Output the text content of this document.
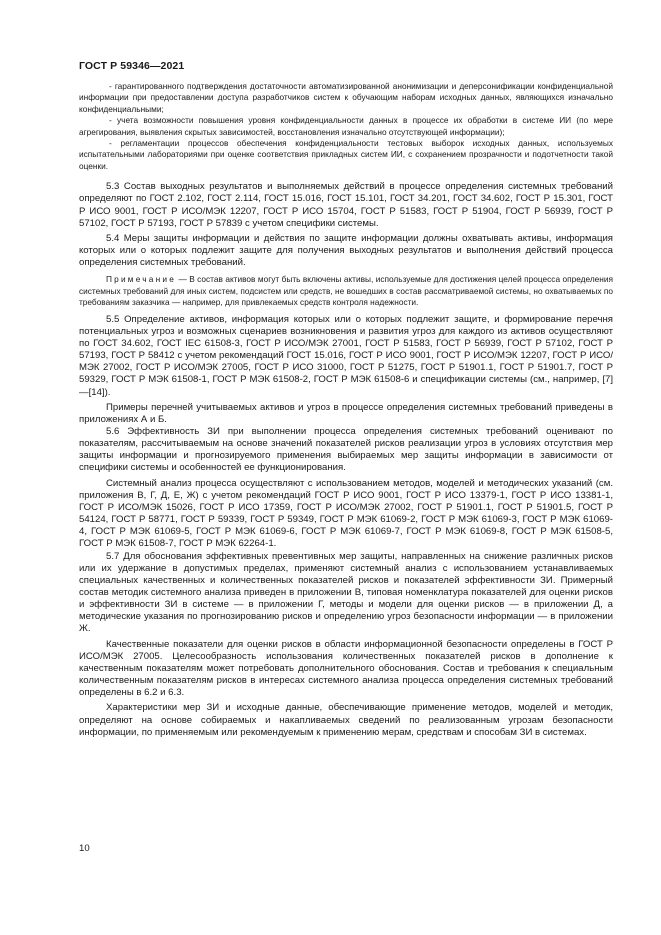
ГОСТ Р 59346—2021

- гарантированного подтверждения достаточности автоматизированной анонимизации и деперсонификации конфиденциальной информации при предоставлении доступа разработчиков систем к обучающим наборам исходных данных, являющихся изначально конфиденциальными;

- учета возможности повышения уровня конфиденциальности данных в процессе их обработки в системе ИИ (по мере агрегирования, выявления скрытых зависимостей, восстановления изначально отсутствующей информации);

- регламентации процессов обеспечения конфиденциальности тестовых выборок исходных данных, используемых испытательными лабораториями при оценке соответствия прикладных систем ИИ, с сохранением прозрачности и подотчетности такой оценки.

5.3 Состав выходных результатов и выполняемых действий в процессе определения системных требований определяют по ГОСТ 2.102, ГОСТ 2.114, ГОСТ 15.016, ГОСТ 15.101, ГОСТ 34.201, ГОСТ 34.602, ГОСТ Р 15.301, ГОСТ Р ИСО 9001, ГОСТ Р ИСО/МЭК 12207, ГОСТ Р ИСО 15704, ГОСТ Р 51583, ГОСТ Р 51904, ГОСТ Р 56939, ГОСТ Р 57102, ГОСТ Р 57193, ГОСТ Р 57839 с учетом специфики системы.

5.4 Меры защиты информации и действия по защите информации должны охватывать активы, информация которых или о которых подлежит защите для получения выходных результатов и выполнения действий процесса определения системных требований.

Примечание — В состав активов могут быть включены активы, используемые для достижения целей процесса определения системных требований для иных систем, подсистем или средств, не вошедших в состав рассматриваемой системы, но охватываемых по требованиям заказчика — например, для привлекаемых средств контроля надежности.

5.5 Определение активов, информация которых или о которых подлежит защите, и формирование перечня потенциальных угроз и возможных сценариев возникновения и развития угроз для каждого из активов осуществляют по ГОСТ 34.602, ГОСТ IEC 61508-3, ГОСТ Р ИСО/МЭК 27001, ГОСТ Р 51583, ГОСТ Р 56939, ГОСТ Р 57102, ГОСТ Р 57193, ГОСТ Р 58412 с учетом рекомендаций ГОСТ 15.016, ГОСТ Р ИСО 9001, ГОСТ Р ИСО/МЭК 12207, ГОСТ Р ИСО/МЭК 27002, ГОСТ Р ИСО/МЭК 27005, ГОСТ Р ИСО 31000, ГОСТ Р 51275, ГОСТ Р 51901.1, ГОСТ Р 51901.7, ГОСТ Р 59329, ГОСТ Р МЭК 61508-1, ГОСТ Р МЭК 61508-2, ГОСТ Р МЭК 61508-6 и спецификации системы (см., например, [7]—[14]).

Примеры перечней учитываемых активов и угроз в процессе определения системных требований приведены в приложениях А и Б.

5.6 Эффективность ЗИ при выполнении процесса определения системных требований оценивают по показателям, рассчитываемым на основе значений показателей рисков реализации угроз в условиях отсутствия мер защиты информации и прогнозируемого применения выбираемых мер защиты информации в зависимости от специфики системы и особенностей ее функционирования.

Системный анализ процесса осуществляют с использованием методов, моделей и методических указаний (см. приложения В, Г, Д, Е, Ж) с учетом рекомендаций ГОСТ Р ИСО 9001, ГОСТ Р ИСО 13379-1, ГОСТ Р ИСО 13381-1, ГОСТ Р ИСО/МЭК 15026, ГОСТ Р ИСО 17359, ГОСТ Р ИСО/МЭК 27002, ГОСТ Р 51901.1, ГОСТ Р 51901.5, ГОСТ Р 54124, ГОСТ Р 58771, ГОСТ Р 59339, ГОСТ Р 59349, ГОСТ Р МЭК 61069-2, ГОСТ Р МЭК 61069-3, ГОСТ Р МЭК 61069-4, ГОСТ Р МЭК 61069-5, ГОСТ Р МЭК 61069-6, ГОСТ Р МЭК 61069-7, ГОСТ Р МЭК 61069-8, ГОСТ Р МЭК 61508-5, ГОСТ Р МЭК 61508-7, ГОСТ Р МЭК 62264-1.

5.7 Для обоснования эффективных превентивных мер защиты, направленных на снижение различных рисков или их удержание в допустимых пределах, применяют системный анализ с использованием устанавливаемых специальных качественных и количественных показателей рисков и показателей эффективности ЗИ. Примерный состав методик системного анализа приведен в приложении В, типовая номенклатура показателей для оценки рисков и эффективности ЗИ в системе — в приложении Г, методы и модели для оценки рисков — в приложении Д, а методические указания по прогнозированию рисков и определению угроз безопасности информации — в приложении Ж.

Качественные показатели для оценки рисков в области информационной безопасности определены в ГОСТ Р ИСО/МЭК 27005. Целесообразность использования количественных показателей рисков в дополнение к качественным показателям может потребовать дополнительного обоснования. Состав и требования к специальным количественным показателям рисков в интересах системного анализа процесса определения системных требований определены в 6.2 и 6.3.

Характеристики мер ЗИ и исходные данные, обеспечивающие применение методов, моделей и методик, определяют на основе собираемых и накапливаемых сведений по реализованным угрозам безопасности информации, по применяемым или рекомендуемым к применению мерам, средствам и способам ЗИ в системах.

10
